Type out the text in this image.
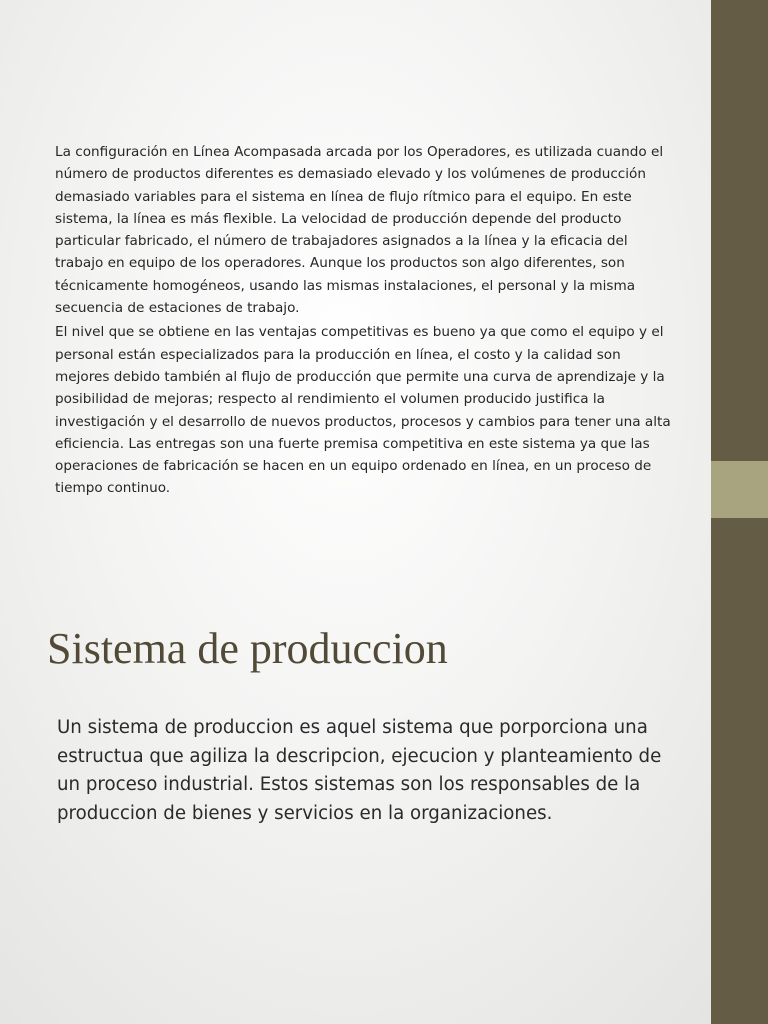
La configuración en Línea Acompasada arcada por los Operadores, es utilizada cuando el número de productos diferentes es demasiado elevado y los volúmenes de producción demasiado variables para el sistema en línea de flujo rítmico para el equipo. En este sistema, la línea es más flexible. La velocidad de producción depende del producto particular fabricado, el número de trabajadores asignados a la línea y la eficacia del trabajo en equipo de los operadores. Aunque los productos son algo diferentes, son técnicamente homogéneos, usando las mismas instalaciones, el personal y la misma secuencia de estaciones de trabajo.

El nivel que se obtiene en las ventajas competitivas es bueno ya que como el equipo y el personal están especializados para la producción en línea, el costo y la calidad son mejores debido también al flujo de producción que permite una curva de aprendizaje y la posibilidad de mejoras; respecto al rendimiento el volumen producido justifica la investigación y el desarrollo de nuevos productos, procesos y cambios para tener una alta eficiencia. Las entregas son una fuerte premisa competitiva en este sistema ya que las operaciones de fabricación se hacen en un equipo ordenado en línea, en un proceso de tiempo continuo.

Sistema de produccion

Un sistema de produccion es aquel sistema que porporciona una estructua que agiliza la descripcion, ejecucion y planteamiento de un proceso industrial. Estos sistemas son los responsables de la produccion de bienes y servicios en la organizaciones.
